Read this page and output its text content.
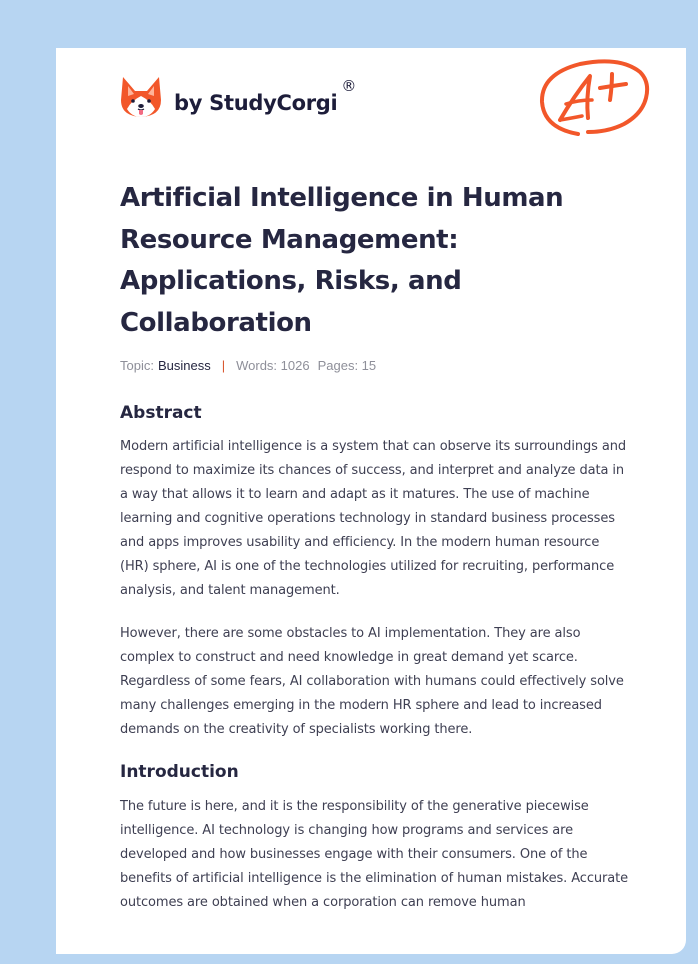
by StudyCorgi
®
Artificial Intelligence in Human Resource Management: Applications, Risks, and Collaboration
Topic: Business | Words: 1026 Pages: 15
Abstract

Modern artificial intelligence is a system that can observe its surroundings and respond to maximize its chances of success, and interpret and analyze data in a way that allows it to learn and adapt as it matures. The use of machine learning and cognitive operations technology in standard business processes and apps improves usability and efficiency. In the modern human resource (HR) sphere, AI is one of the technologies utilized for recruiting, performance analysis, and talent management.

However, there are some obstacles to AI implementation. They are also complex to construct and need knowledge in great demand yet scarce. Regardless of some fears, AI collaboration with humans could effectively solve many challenges emerging in the modern HR sphere and lead to increased demands on the creativity of specialists working there.

Introduction

The future is here, and it is the responsibility of the generative piecewise intelligence. AI technology is changing how programs and services are developed and how businesses engage with their consumers. One of the benefits of artificial intelligence is the elimination of human mistakes. Accurate outcomes are obtained when a corporation can remove human
